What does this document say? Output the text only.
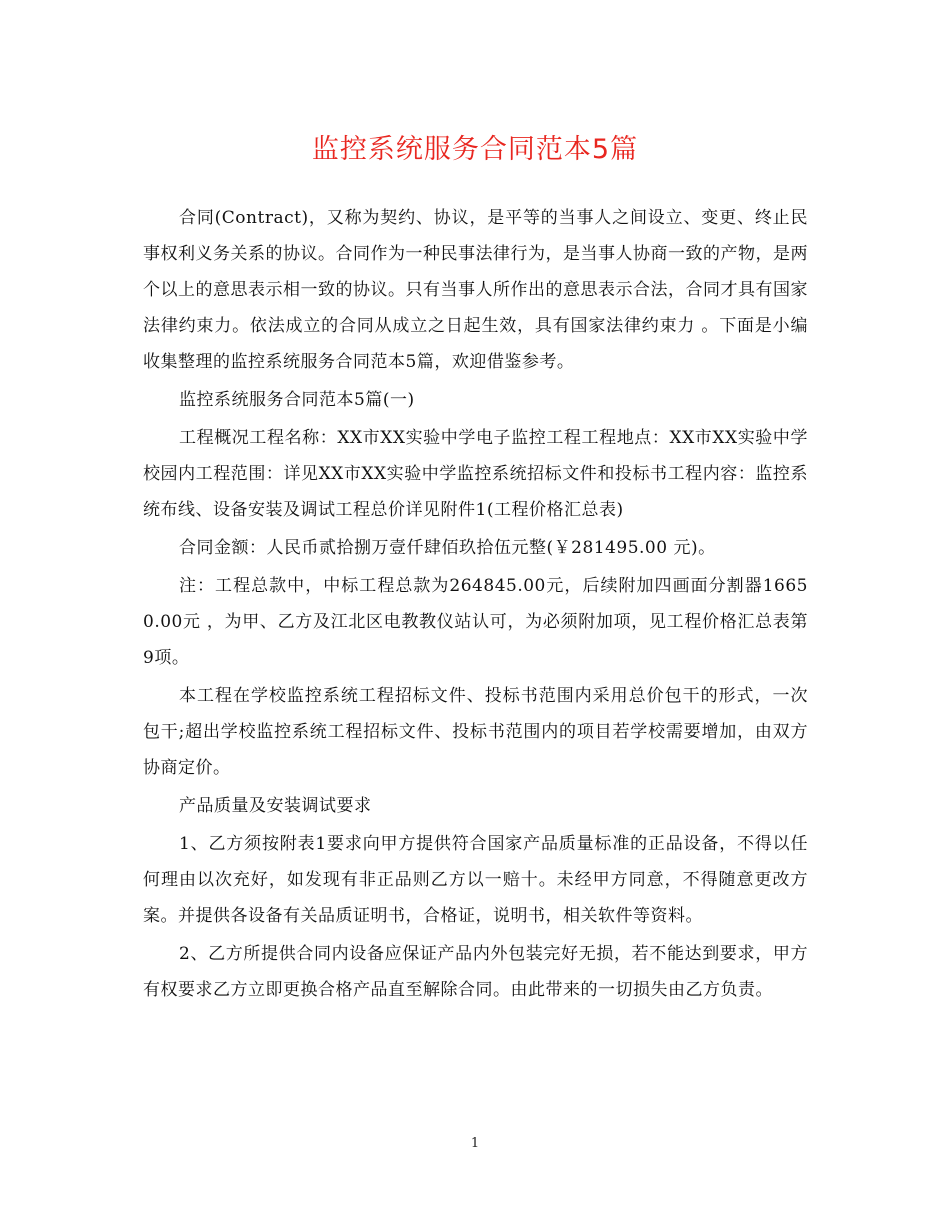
监控系统服务合同范本5篇

合同(Contract)，又称为契约、协议，是平等的当事人之间设立、变更、终止民事权利义务关系的协议。合同作为一种民事法律行为，是当事人协商一致的产物，是两个以上的意思表示相一致的协议。只有当事人所作出的意思表示合法，合同才具有国家法律约束力。依法成立的合同从成立之日起生效，具有国家法律约束力 。下面是小编收集整理的监控系统服务合同范本5篇，欢迎借鉴参考。

监控系统服务合同范本5篇(一)

工程概况工程名称：XX市XX实验中学电子监控工程工程地点：XX市XX实验中学校园内工程范围：详见XX市XX实验中学监控系统招标文件和投标书工程内容：监控系统布线、设备安装及调试工程总价详见附件1(工程价格汇总表)

合同金额：人民币贰拾捌万壹仟肆佰玖拾伍元整(￥281495.00 元)。

注：工程总款中，中标工程总款为264845.00元，后续附加四画面分割器16650.00元 ，为甲、乙方及江北区电教教仪站认可，为必须附加项，见工程价格汇总表第9项。

本工程在学校监控系统工程招标文件、投标书范围内采用总价包干的形式，一次包干;超出学校监控系统工程招标文件、投标书范围内的项目若学校需要增加，由双方协商定价。

产品质量及安装调试要求

1、乙方须按附表1要求向甲方提供符合国家产品质量标准的正品设备，不得以任何理由以次充好，如发现有非正品则乙方以一赔十。未经甲方同意，不得随意更改方案。并提供各设备有关品质证明书，合格证，说明书，相关软件等资料。

2、乙方所提供合同内设备应保证产品内外包装完好无损，若不能达到要求，甲方有权要求乙方立即更换合格产品直至解除合同。由此带来的一切损失由乙方负责。

1
